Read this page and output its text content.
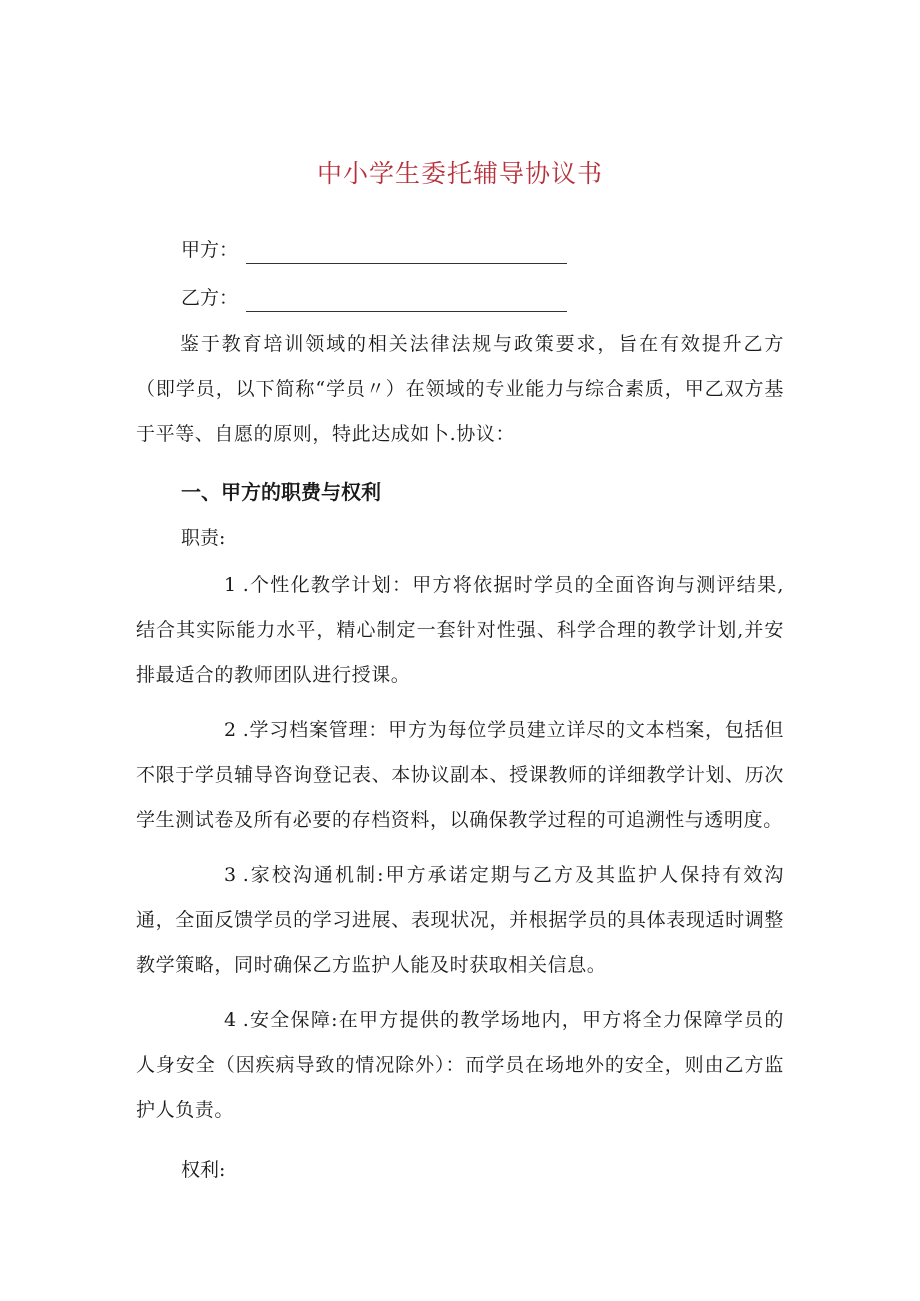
中小学生委托辅导协议书
甲方：
乙方：

鉴于教育培训领域的相关法律法规与政策要求，旨在有效提升乙方（即学员，以下简称“学员〃）在领域的专业能力与综合素质，甲乙双方基于平等、自愿的原则，特此达成如卜.协议：

一、甲方的职费与权利

职责:

1 .个性化教学计划：甲方将依据时学员的全面咨询与测评结果,结合其实际能力水平，精心制定一套针对性强、科学合理的教学计划,并安排最适合的教师团队进行授课。

2 .学习档案管理：甲方为每位学员建立详尽的文本档案，包括但不限于学员辅导咨询登记表、本协议副本、授课教师的详细教学计划、历次学生测试卷及所有必要的存档资料，以确保教学过程的可追溯性与透明度。

3 .家校沟通机制:甲方承诺定期与乙方及其监护人保持有效沟通，全面反馈学员的学习进展、表现状况，并根据学员的具体表现适时调整教学策略，同时确保乙方监护人能及时获取相关信息。

4 .安全保障:在甲方提供的教学场地内，甲方将全力保障学员的人身安全（因疾病导致的情况除外）：而学员在场地外的安全，则由乙方监护人负责。

权利:
